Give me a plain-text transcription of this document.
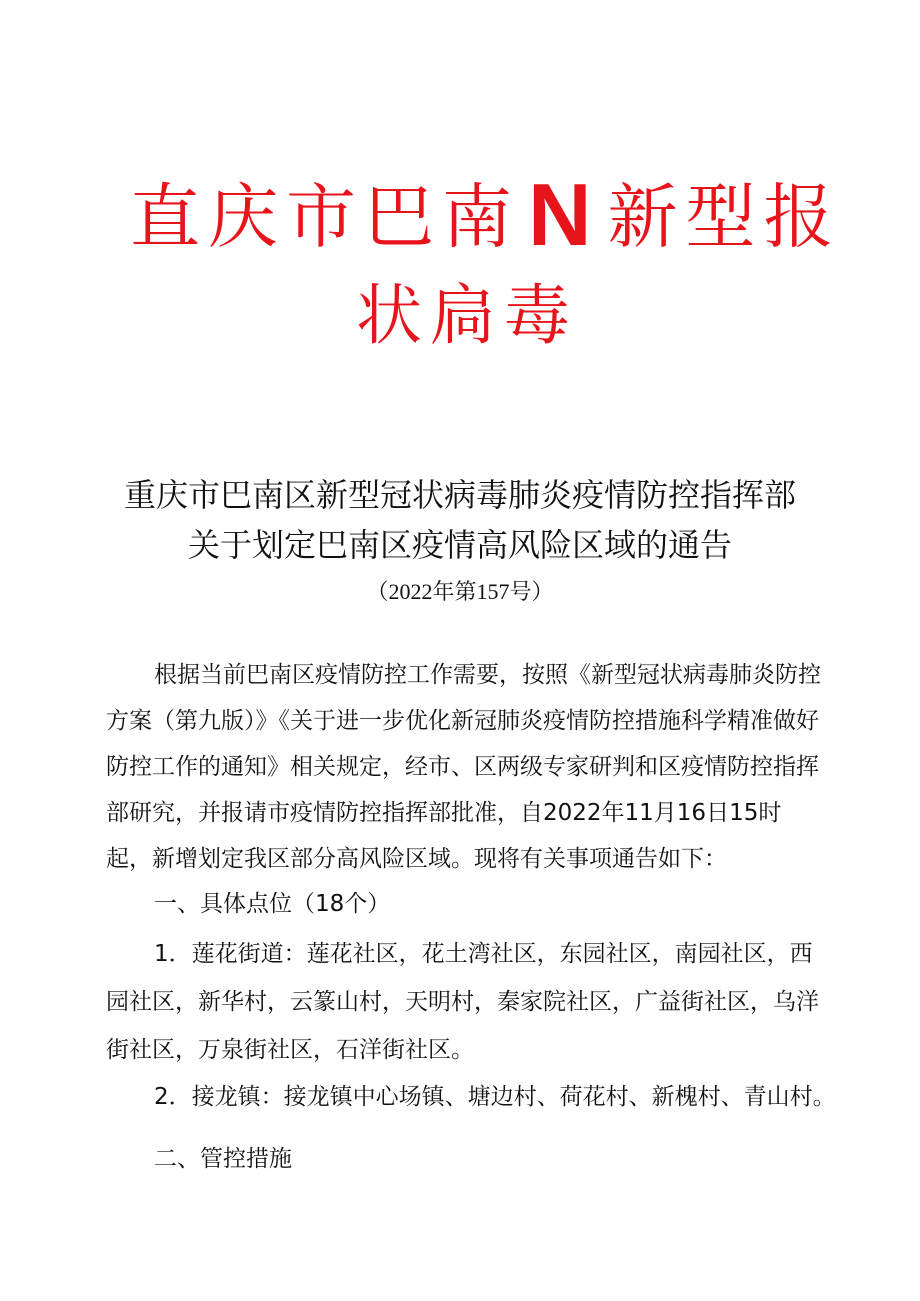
直庆市巴南N 新型报
状扃毒
重庆市巴南区新型冠状病毒肺炎疫情防控指挥部
关于划定巴南区疫情高风险区域的通告
（2022年第157号）
根据当前巴南区疫情防控工作需要，按照《新型冠状病毒肺炎防控方案（第九版）》《关于进一步优化新冠肺炎疫情防控措施科学精准做好防控工作的通知》相关规定，经市、区两级专家研判和区疫情防控指挥部研究，并报请市疫情防控指挥部批准，自2022年11月16日15时起，新增划定我区部分高风险区域。现将有关事项通告如下：
一、具体点位（18个）
1．莲花街道：莲花社区，花土湾社区，东园社区，南园社区，西园社区，新华村，云篆山村，天明村，秦家院社区，广益街社区，乌洋街社区，万泉街社区，石洋街社区。
2．接龙镇：接龙镇中心场镇、塘边村、荷花村、新槐村、青山村。
二、管控措施
